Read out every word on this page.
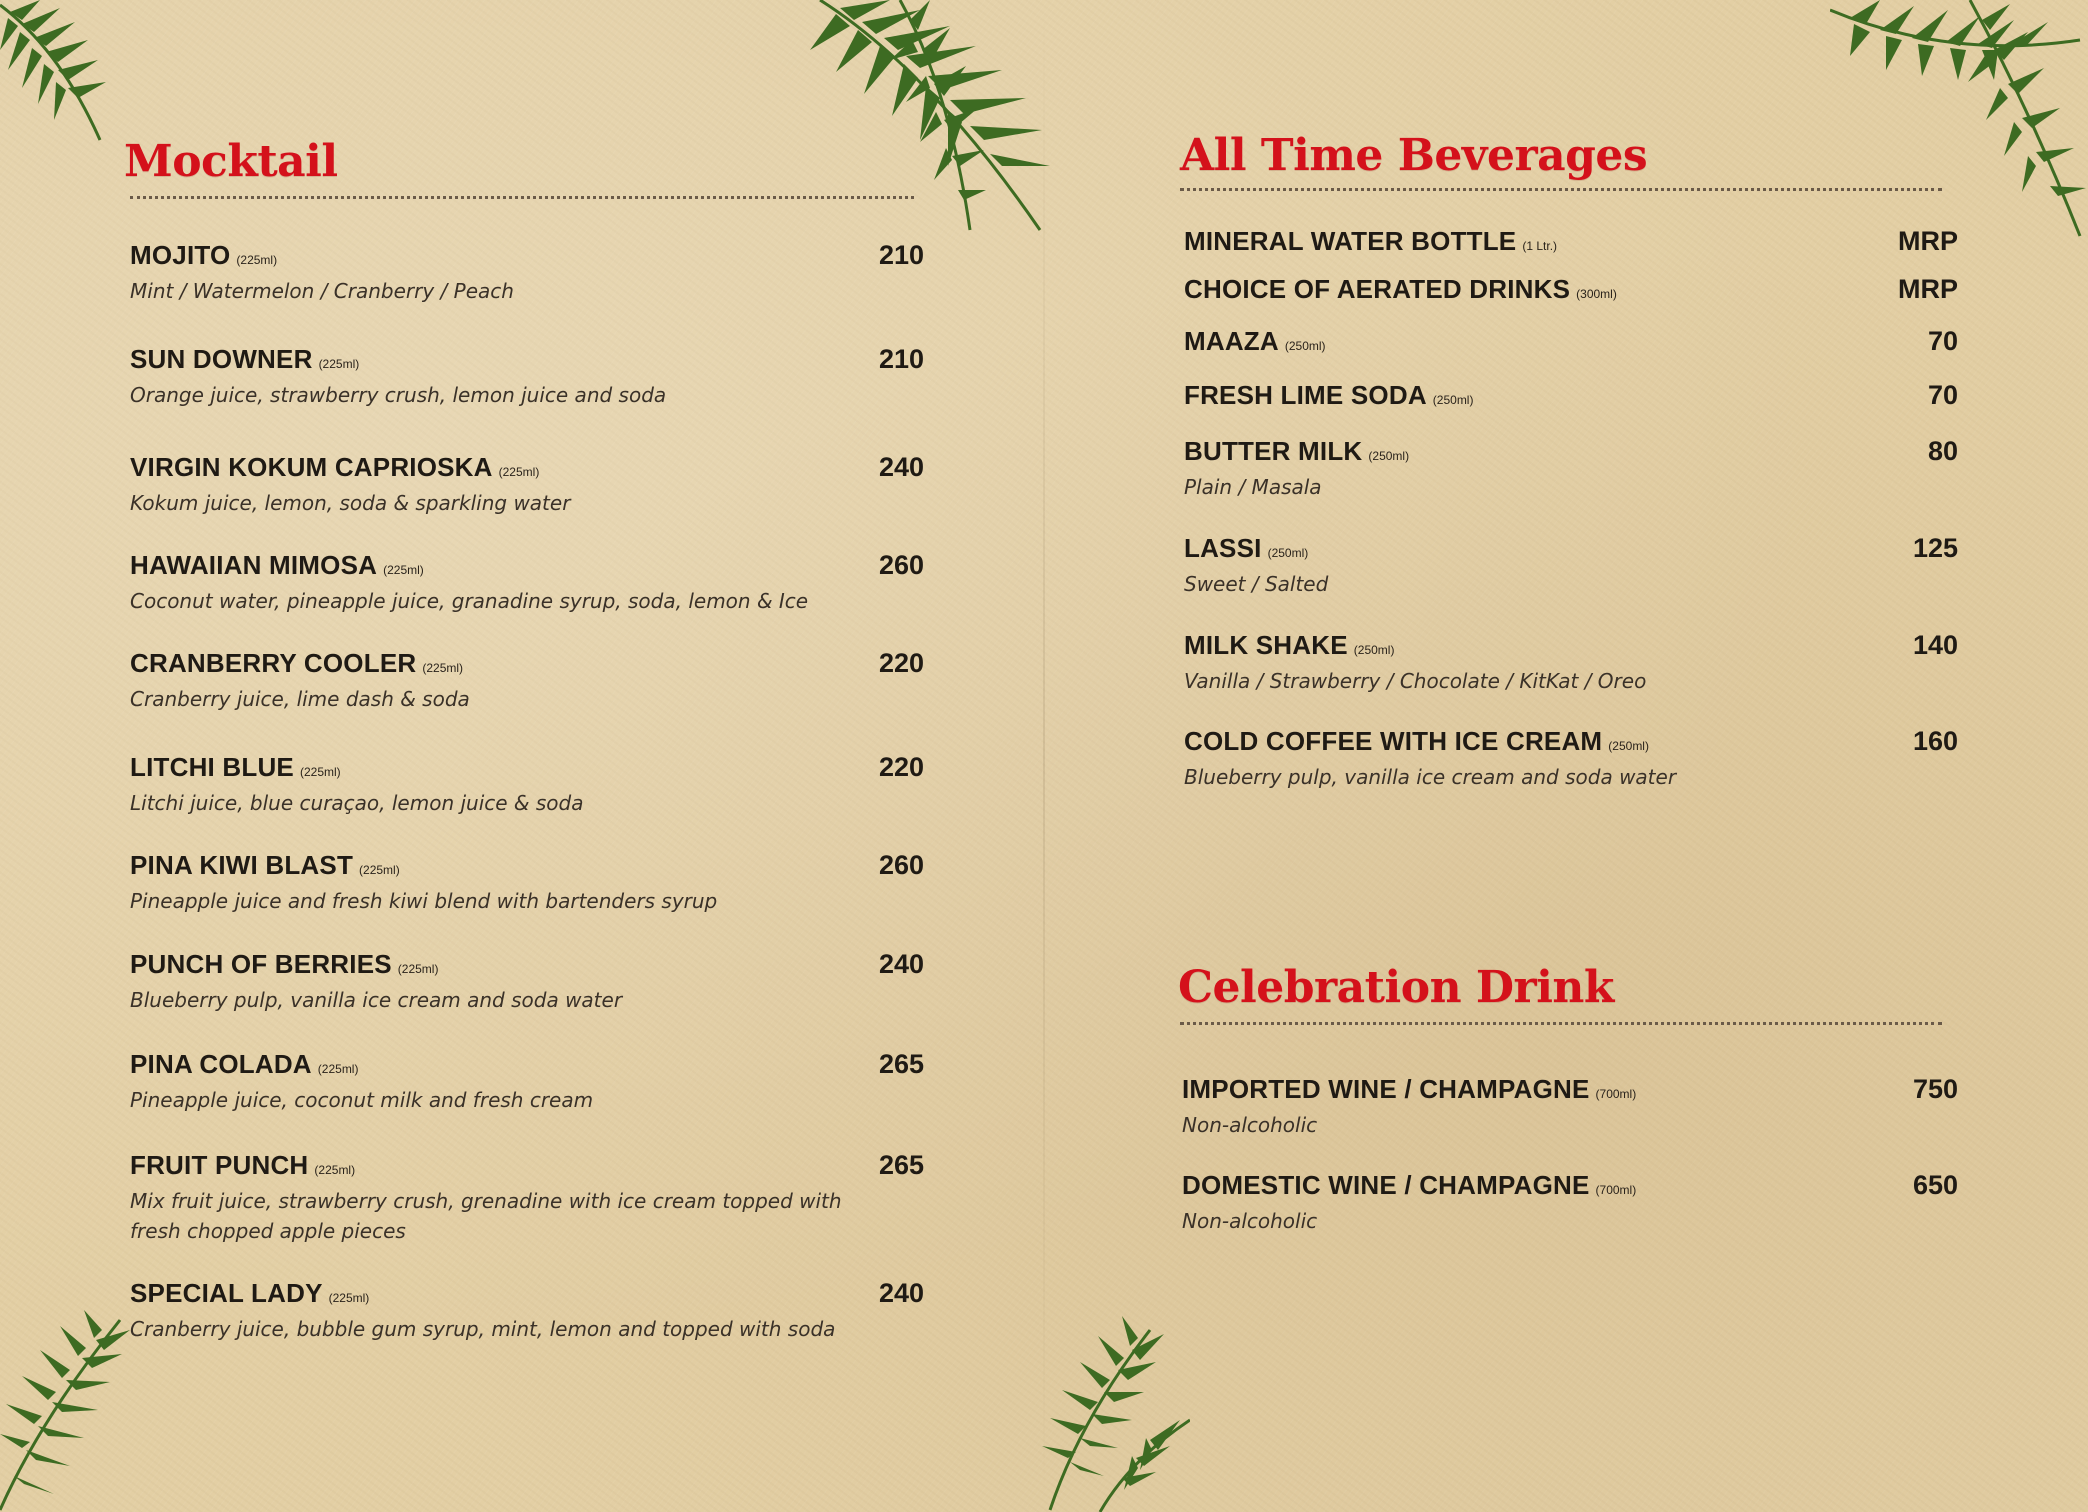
Mocktail
MOJITO (225ml)	210
Mint / Watermelon / Cranberry / Peach
SUN DOWNER (225ml)	210
Orange juice, strawberry crush, lemon juice and soda
VIRGIN KOKUM CAPRIOSKA (225ml)	240
Kokum juice, lemon, soda & sparkling water
HAWAIIAN MIMOSA (225ml)	260
Coconut water, pineapple juice, granadine syrup, soda, lemon & Ice
CRANBERRY COOLER (225ml)	220
Cranberry juice, lime dash & soda
LITCHI BLUE (225ml)	220
Litchi juice, blue curaçao, lemon juice & soda
PINA KIWI BLAST (225ml)	260
Pineapple juice and fresh kiwi blend with bartenders syrup
PUNCH OF BERRIES (225ml)	240
Blueberry pulp, vanilla ice cream and soda water
PINA COLADA (225ml)	265
Pineapple juice, coconut milk and fresh cream
FRUIT PUNCH (225ml)	265
Mix fruit juice, strawberry crush, grenadine with ice cream topped with
fresh chopped apple pieces
SPECIAL LADY (225ml)	240
Cranberry juice, bubble gum syrup, mint, lemon and topped with soda
All Time Beverages
MINERAL WATER BOTTLE (1 Ltr.)	MRP
CHOICE OF AERATED DRINKS (300ml)	MRP
MAAZA (250ml)	70
FRESH LIME SODA (250ml)	70
BUTTER MILK (250ml)	80
Plain / Masala
LASSI (250ml)	125
Sweet / Salted
MILK SHAKE (250ml)	140
Vanilla / Strawberry / Chocolate / KitKat / Oreo
COLD COFFEE WITH ICE CREAM (250ml)	160
Blueberry pulp, vanilla ice cream and soda water
Celebration Drink
IMPORTED WINE / CHAMPAGNE (700ml)	750
Non-alcoholic
DOMESTIC WINE / CHAMPAGNE (700ml)	650
Non-alcoholic
